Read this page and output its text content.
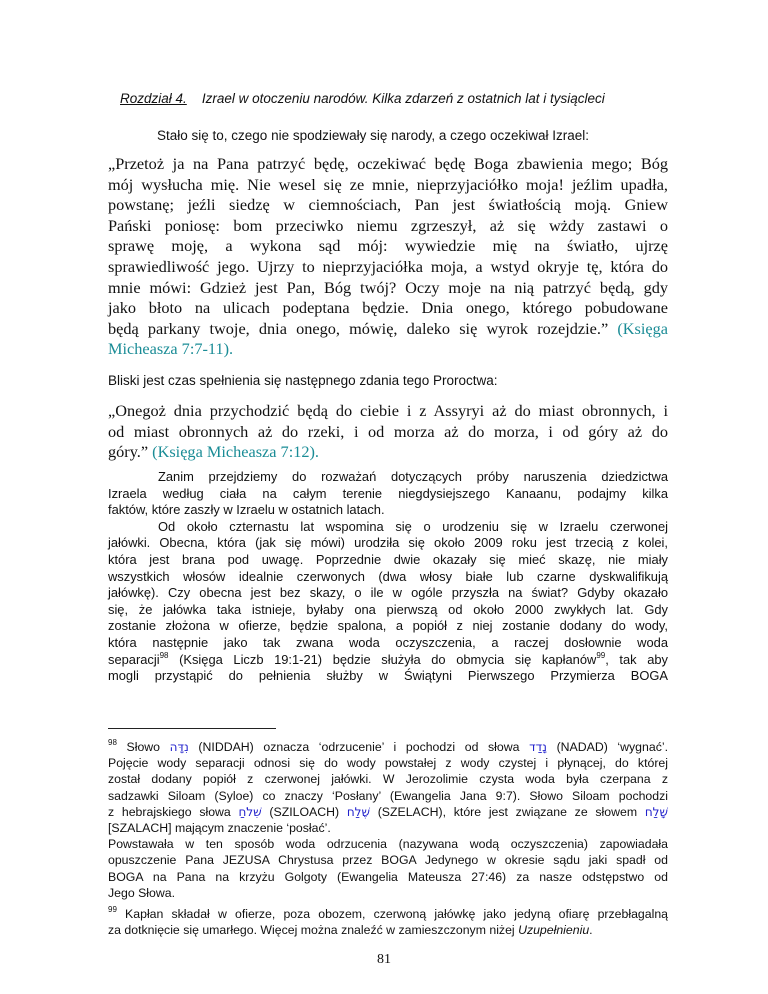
Rozdział 4. Izrael w otoczeniu narodów. Kilka zdarzeń z ostatnich lat i tysiącleci
Stało się to, czego nie spodziewały się narody, a czego oczekiwał Izrael:
„Przetoż ja na Pana patrzyć będę, oczekiwać będę Boga zbawienia mego; Bóg
mój wysłucha mię. Nie wesel się ze mnie, nieprzyjaciółko moja! jeźlim upadła,
powstanę; jeźli siedzę w ciemnościach, Pan jest światłością moją. Gniew
Pański poniosę: bom przeciwko niemu zgrzeszył, aż się wżdy zastawi o
sprawę moję, a wykona sąd mój: wywiedzie mię na światło, ujrzę
sprawiedliwość jego. Ujrzy to nieprzyjaciółka moja, a wstyd okryje tę, która do
mnie mówi: Gdzież jest Pan, Bóg twój? Oczy moje na nią patrzyć będą, gdy
jako błoto na ulicach podeptana będzie. Dnia onego, którego pobudowane
będą parkany twoje, dnia onego, mówię, daleko się wyrok rozejdzie.” (Księga
Micheasza 7:7-11).
Bliski jest czas spełnienia się następnego zdania tego Proroctwa:
„Onegoż dnia przychodzić będą do ciebie i z Assyryi aż do miast obronnych, i
od miast obronnych aż do rzeki, i od morza aż do morza, i od góry aż do
góry.” (Księga Micheasza 7:12).
Zanim przejdziemy do rozważań dotyczących próby naruszenia dziedzictwa
Izraela według ciała na całym terenie niegdysiejszego Kanaanu, podajmy kilka
faktów, które zaszły w Izraelu w ostatnich latach.
Od około czternastu lat wspomina się o urodzeniu się w Izraelu czerwonej
jałówki. Obecna, która (jak się mówi) urodziła się około 2009 roku jest trzecią z kolei,
która jest brana pod uwagę. Poprzednie dwie okazały się mieć skazę, nie miały
wszystkich włosów idealnie czerwonych (dwa włosy białe lub czarne dyskwalifikują
jałówkę). Czy obecna jest bez skazy, o ile w ogóle przyszła na świat? Gdyby okazało
się, że jałówka taka istnieje, byłaby ona pierwszą od około 2000 zwykłych lat. Gdy
zostanie złożona w ofierze, będzie spalona, a popiół z niej zostanie dodany do wody,
która następnie jako tak zwana woda oczyszczenia, a raczej dosłownie woda
separacji$^{98}$ (Księga Liczb 19:1-21) będzie służyła do obmycia się kapłanów$^{99}$, tak aby
mogli przystąpić do pełnienia służby w Świątyni Pierwszego Przymierza BOGA
$^{98}$ Słowo נִדָּה (NIDDAH) oznacza ‘odrzucenie’ i pochodzi od słowa נָדַד (NADAD) ‘wygnać’.
Pojęcie wody separacji odnosi się do wody powstałej z wody czystej i płynącej, do której
został dodany popiół z czerwonej jałówki. W Jerozolimie czysta woda była czerpana z
sadzawki Siloam (Syloe) co znaczy ‘Posłany’ (Ewangelia Jana 9:7). Słowo Siloam pochodzi
z hebrajskiego słowa שִׁלֹחַ (SZILOACH) שֶׁלַח (SZELACH), które jest związane ze słowem שָׁלַח
[SZALACH] mającym znaczenie ‘posłać’.
Powstawała w ten sposób woda odrzucenia (nazywana wodą oczyszczenia) zapowiadała
opuszczenie Pana JEZUSA Chrystusa przez BOGA Jedynego w okresie sądu jaki spadł od
BOGA na Pana na krzyżu Golgoty (Ewangelia Mateusza 27:46) za nasze odstępstwo od
Jego Słowa.
$^{99}$ Kapłan składał w ofierze, poza obozem, czerwoną jałówkę jako jedyną ofiarę przebłagalną
za dotknięcie się umarłego. Więcej można znaleźć w zamieszczonym niżej Uzupełnieniu.
81
